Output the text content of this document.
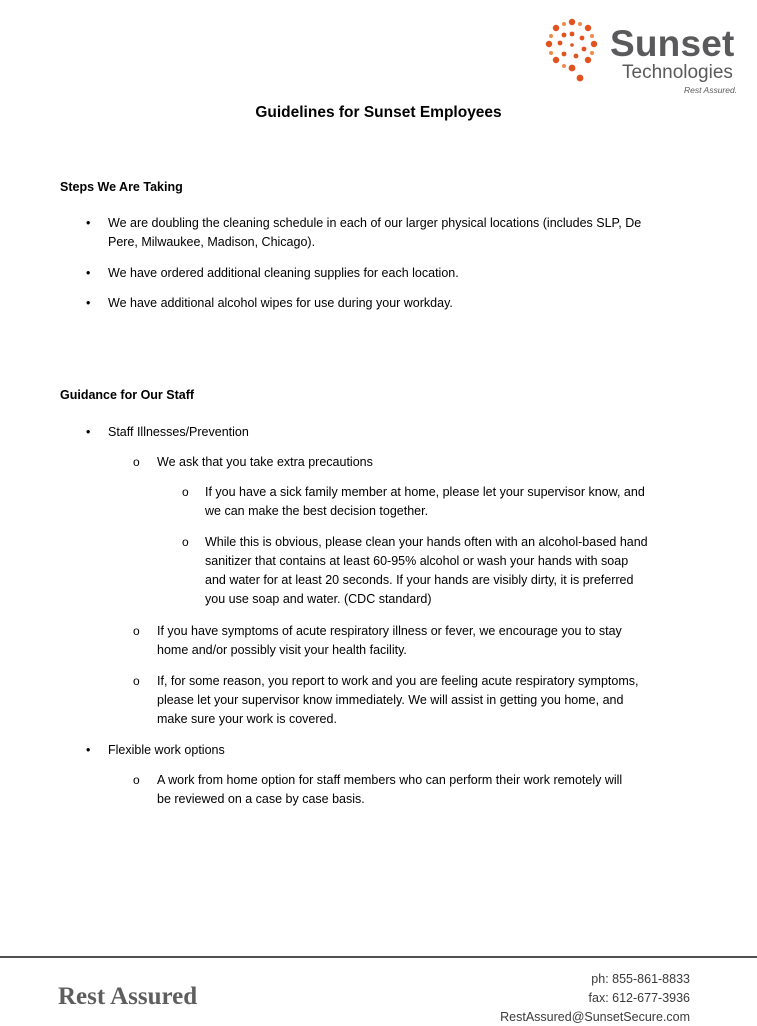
Sunset
Technologies
Rest Assured.
Guidelines for Sunset Employees
Steps We Are Taking
• We are doubling the cleaning schedule in each of our larger physical locations (includes SLP, De
Pere, Milwaukee, Madison, Chicago).
• We have ordered additional cleaning supplies for each location.
• We have additional alcohol wipes for use during your workday.
Guidance for Our Staff
• Staff Illnesses/Prevention
o We ask that you take extra precautions
o If you have a sick family member at home, please let your supervisor know, and
we can make the best decision together.
o While this is obvious, please clean your hands often with an alcohol-based hand
sanitizer that contains at least 60-95% alcohol or wash your hands with soap
and water for at least 20 seconds. If your hands are visibly dirty, it is preferred
you use soap and water. (CDC standard)
o If you have symptoms of acute respiratory illness or fever, we encourage you to stay
home and/or possibly visit your health facility.
o If, for some reason, you report to work and you are feeling acute respiratory symptoms,
please let your supervisor know immediately. We will assist in getting you home, and
make sure your work is covered.
• Flexible work options
o A work from home option for staff members who can perform their work remotely will
be reviewed on a case by case basis.
Rest Assured
ph: 855-861-8833
fax: 612-677-3936
RestAssured@SunsetSecure.com
